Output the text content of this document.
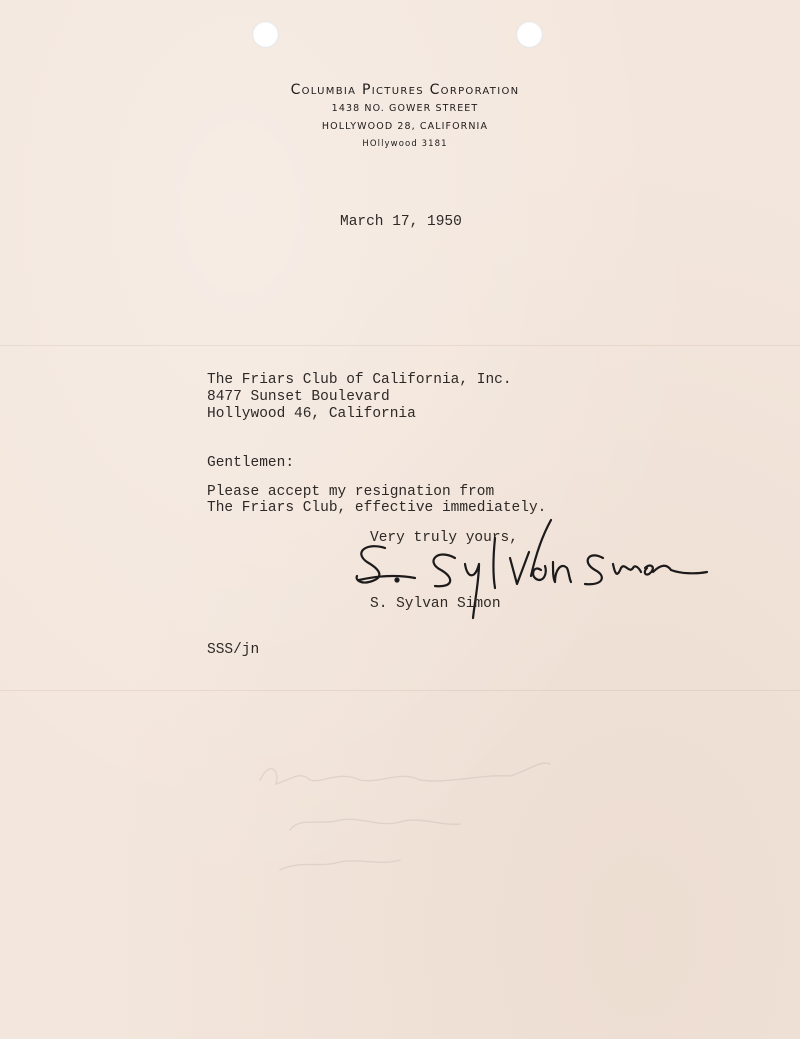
Columbia Pictures Corporation
1438 NO. GOWER STREET
HOLLYWOOD 28, CALIFORNIA
HOllywood 3181
March 17, 1950
The Friars Club of California, Inc.
8477 Sunset Boulevard
Hollywood 46, California
Gentlemen:
Please accept my resignation from
The Friars Club, effective immediately.
Very truly yours,
S. Sylvan Simon
SSS/jn
